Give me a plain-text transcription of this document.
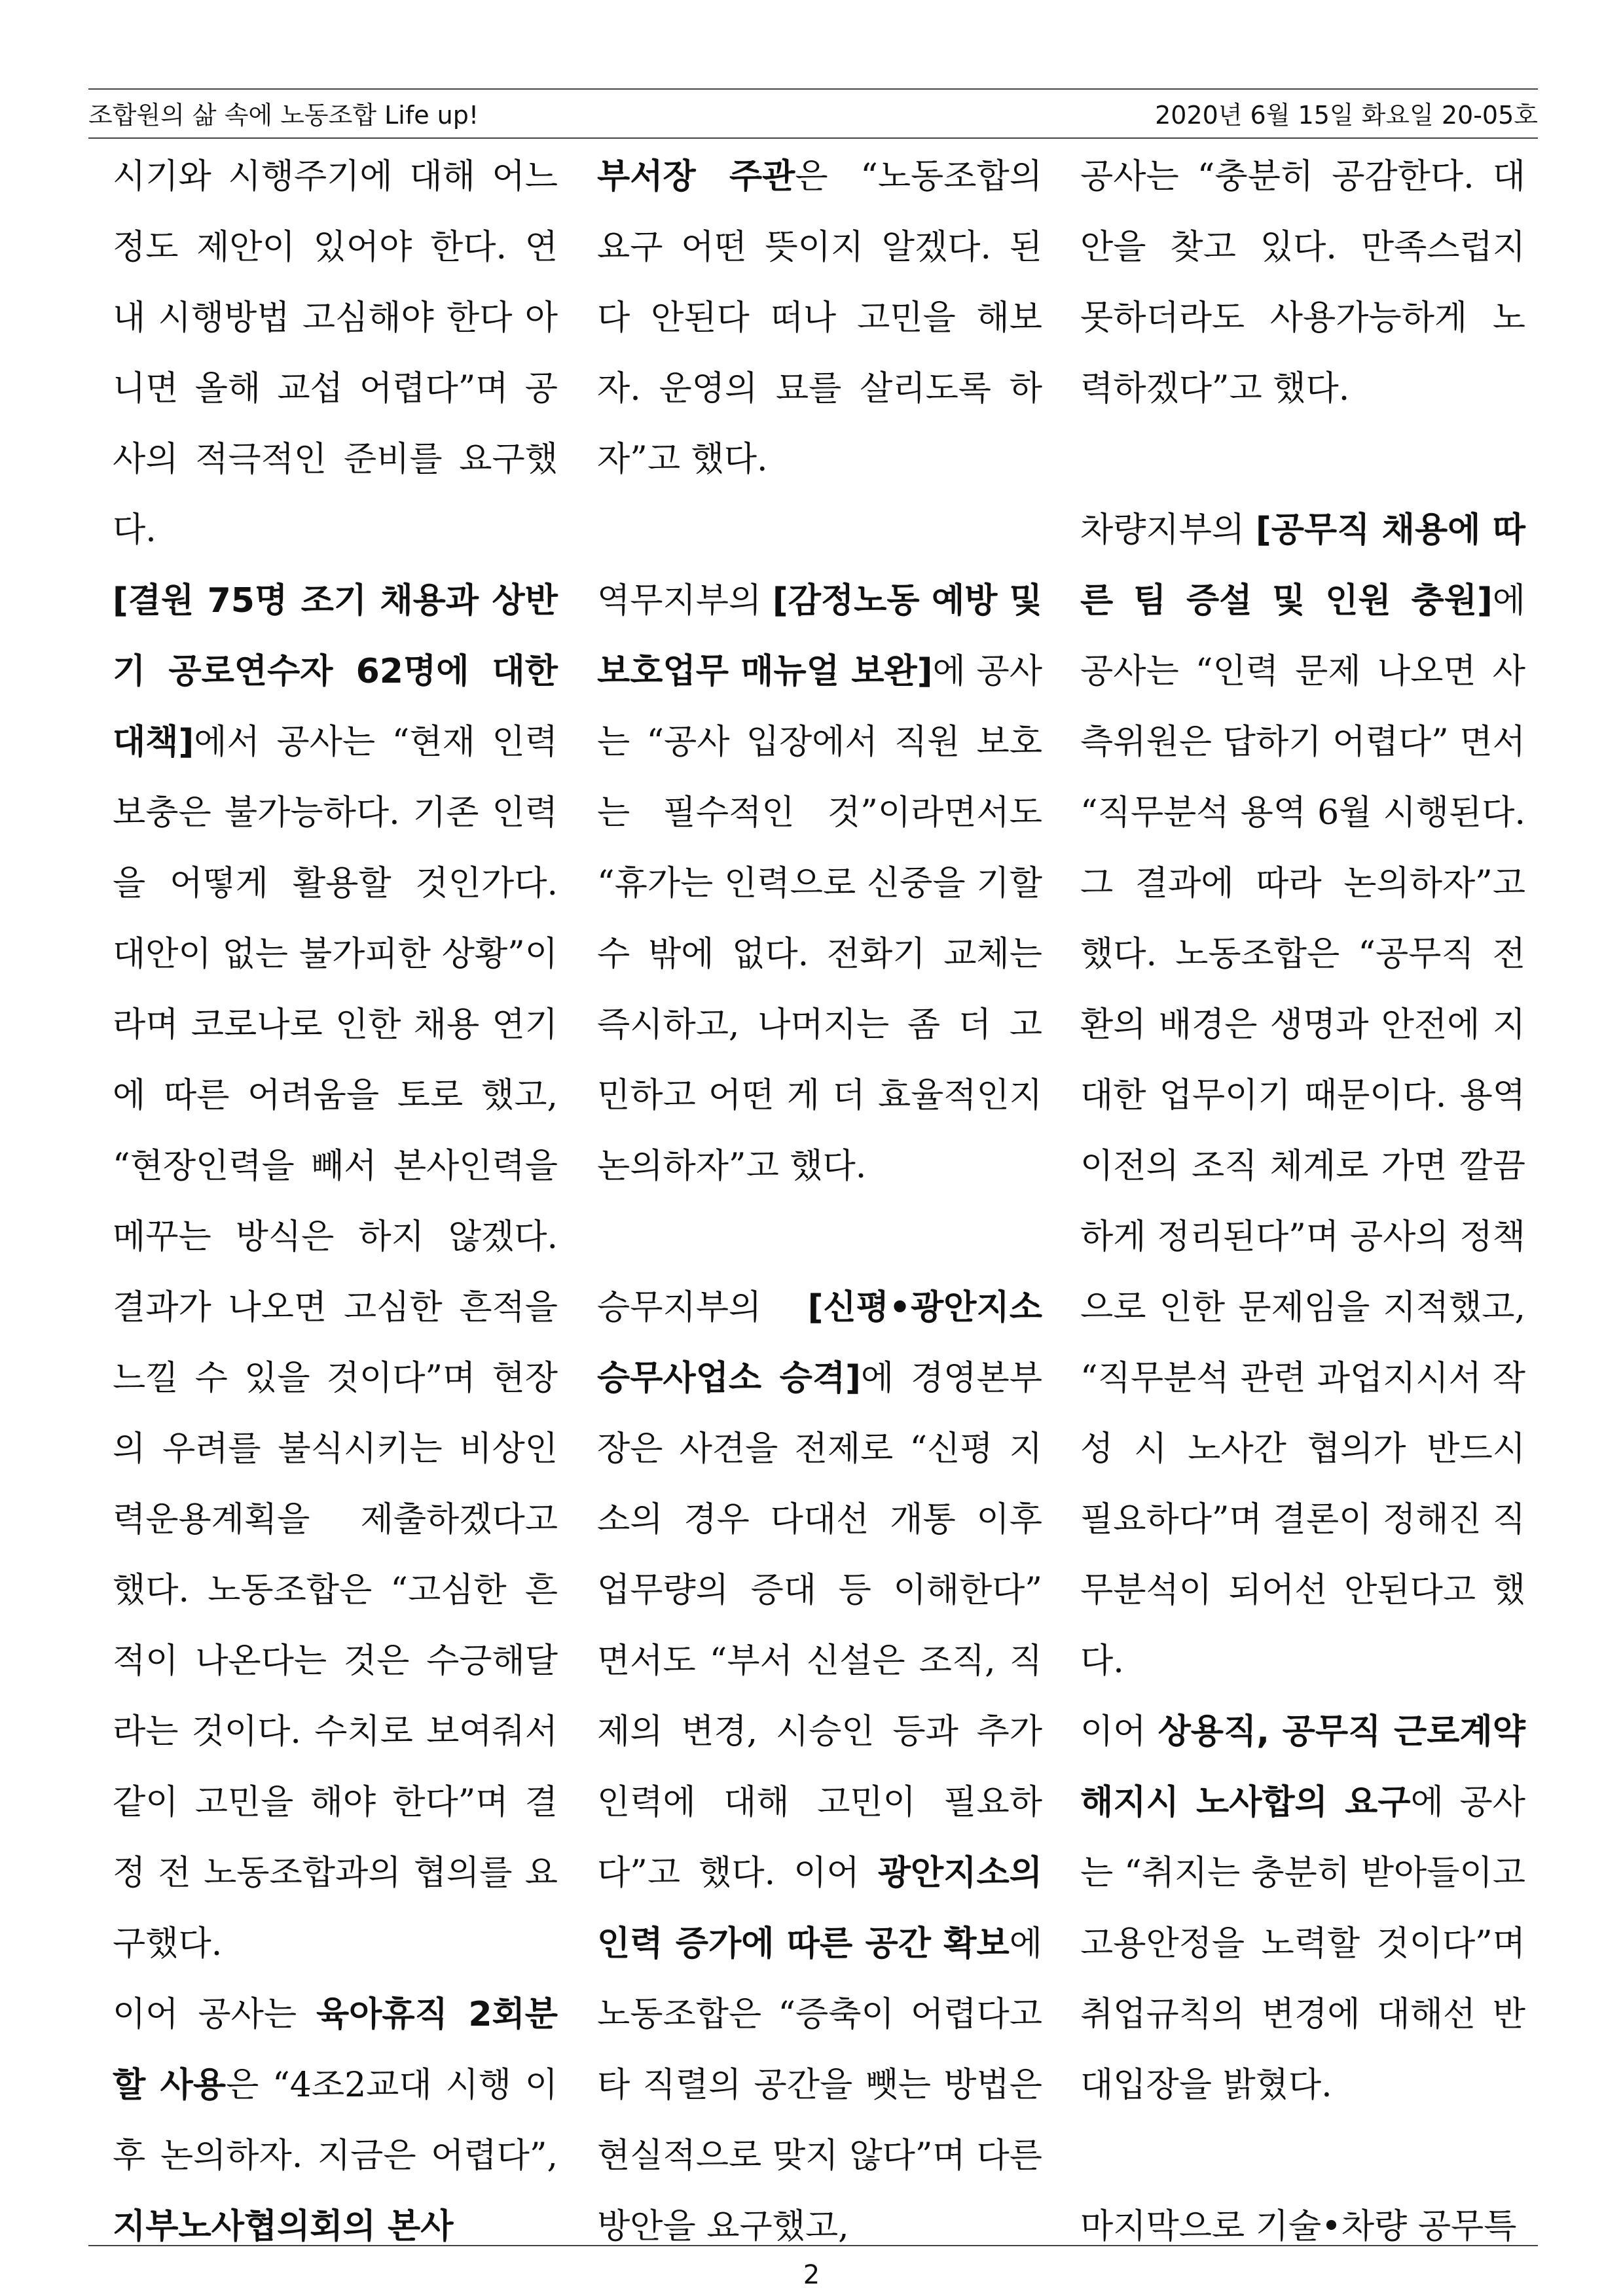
조합원의 삶 속에 노동조합 Life up!	2020년 6월 15일 화요일 20-05호

시기와 시행주기에 대해 어느 정도 제안이 있어야 한다. 연내 시행방법 고심해야 한다 아니면 올해 교섭 어렵다”며 공사의 적극적인 준비를 요구했다.

[결원 75명 조기 채용과 상반기 공로연수자 62명에 대한 대책]에서 공사는 “현재 인력보충은 불가능하다. 기존 인력을 어떻게 활용할 것인가다. 대안이 없는 불가피한 상황”이라며 코로나로 인한 채용 연기에 따른 어려움을 토로 했고, “현장인력을 빼서 본사인력을 메꾸는 방식은 하지 않겠다. 결과가 나오면 고심한 흔적을 느낄 수 있을 것이다”며 현장의 우려를 불식시키는 비상인력운용계획을 제출하겠다고 했다. 노동조합은 “고심한 흔적이 나온다는 것은 수긍해달라는 것이다. 수치로 보여줘서 같이 고민을 해야 한다”며 결정 전 노동조합과의 협의를 요구했다.

이어 공사는 육아휴직 2회분할 사용은 “4조2교대 시행 이후 논의하자. 지금은 어렵다”, 지부노사협의회의 본사

부서장 주관은 “노동조합의 요구 어떤 뜻이지 알겠다. 된다 안된다 떠나 고민을 해보자. 운영의 묘를 살리도록 하자”고 했다.

역무지부의 [감정노동 예방 및 보호업무 매뉴얼 보완]에 공사는 “공사 입장에서 직원 보호는 필수적인 것”이라면서도 “휴가는 인력으로 신중을 기할 수 밖에 없다. 전화기 교체는 즉시하고, 나머지는 좀 더 고민하고 어떤 게 더 효율적인지 논의하자”고 했다.

승무지부의 [신평•광안지소 승무사업소 승격]에 경영본부장은 사견을 전제로 “신평 지소의 경우 다대선 개통 이후 업무량의 증대 등 이해한다” 면서도 “부서 신설은 조직, 직제의 변경, 시승인 등과 추가 인력에 대해 고민이 필요하다”고 했다. 이어 광안지소의 인력 증가에 따른 공간 확보에 노동조합은 “증축이 어렵다고 타 직렬의 공간을 뺏는 방법은 현실적으로 맞지 않다”며 다른 방안을 요구했고,

공사는 “충분히 공감한다. 대안을 찾고 있다. 만족스럽지 못하더라도 사용가능하게 노력하겠다”고 했다.

차량지부의 [공무직 채용에 따른 팀 증설 및 인원 충원]에 공사는 “인력 문제 나오면 사측위원은 답하기 어렵다” 면서 “직무분석 용역 6월 시행된다. 그 결과에 따라 논의하자”고 했다. 노동조합은 “공무직 전환의 배경은 생명과 안전에 지대한 업무이기 때문이다. 용역 이전의 조직 체계로 가면 깔끔하게 정리된다”며 공사의 정책으로 인한 문제임을 지적했고, “직무분석 관련 과업지시서 작성 시 노사간 협의가 반드시 필요하다”며 결론이 정해진 직무분석이 되어선 안된다고 했다.

이어 상용직, 공무직 근로계약 해지시 노사합의 요구에 공사는 “취지는 충분히 받아들이고 고용안정을 노력할 것이다”며 취업규칙의 변경에 대해선 반대입장을 밝혔다.

마지막으로 기술•차량 공무특

2
